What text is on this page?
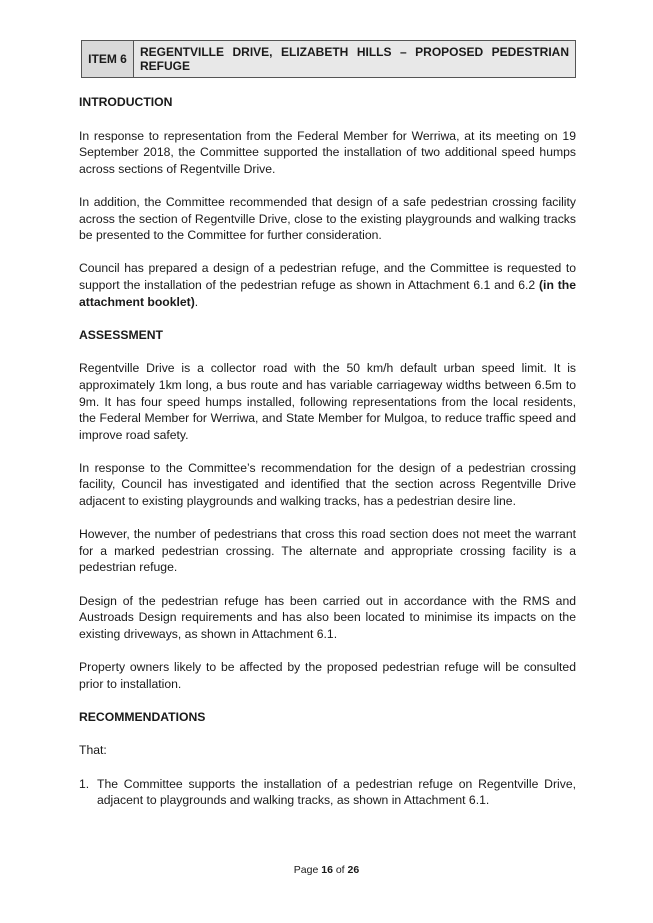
ITEM 6	REGENTVILLE DRIVE, ELIZABETH HILLS – PROPOSED PEDESTRIAN REFUGE
INTRODUCTION

In response to representation from the Federal Member for Werriwa, at its meeting on 19 September 2018, the Committee supported the installation of two additional speed humps across sections of Regentville Drive.

In addition, the Committee recommended that design of a safe pedestrian crossing facility across the section of Regentville Drive, close to the existing playgrounds and walking tracks be presented to the Committee for further consideration.

Council has prepared a design of a pedestrian refuge, and the Committee is requested to support the installation of the pedestrian refuge as shown in Attachment 6.1 and 6.2 (in the attachment booklet).

ASSESSMENT

Regentville Drive is a collector road with the 50 km/h default urban speed limit. It is approximately 1km long, a bus route and has variable carriageway widths between 6.5m to 9m. It has four speed humps installed, following representations from the local residents, the Federal Member for Werriwa, and State Member for Mulgoa, to reduce traffic speed and improve road safety.

In response to the Committee’s recommendation for the design of a pedestrian crossing facility, Council has investigated and identified that the section across Regentville Drive adjacent to existing playgrounds and walking tracks, has a pedestrian desire line.

However, the number of pedestrians that cross this road section does not meet the warrant for a marked pedestrian crossing. The alternate and appropriate crossing facility is a pedestrian refuge.

Design of the pedestrian refuge has been carried out in accordance with the RMS and Austroads Design requirements and has also been located to minimise its impacts on the existing driveways, as shown in Attachment 6.1.

Property owners likely to be affected by the proposed pedestrian refuge will be consulted prior to installation.

RECOMMENDATIONS

That:

1. The Committee supports the installation of a pedestrian refuge on Regentville Drive, adjacent to playgrounds and walking tracks, as shown in Attachment 6.1.
Page 16 of 26
